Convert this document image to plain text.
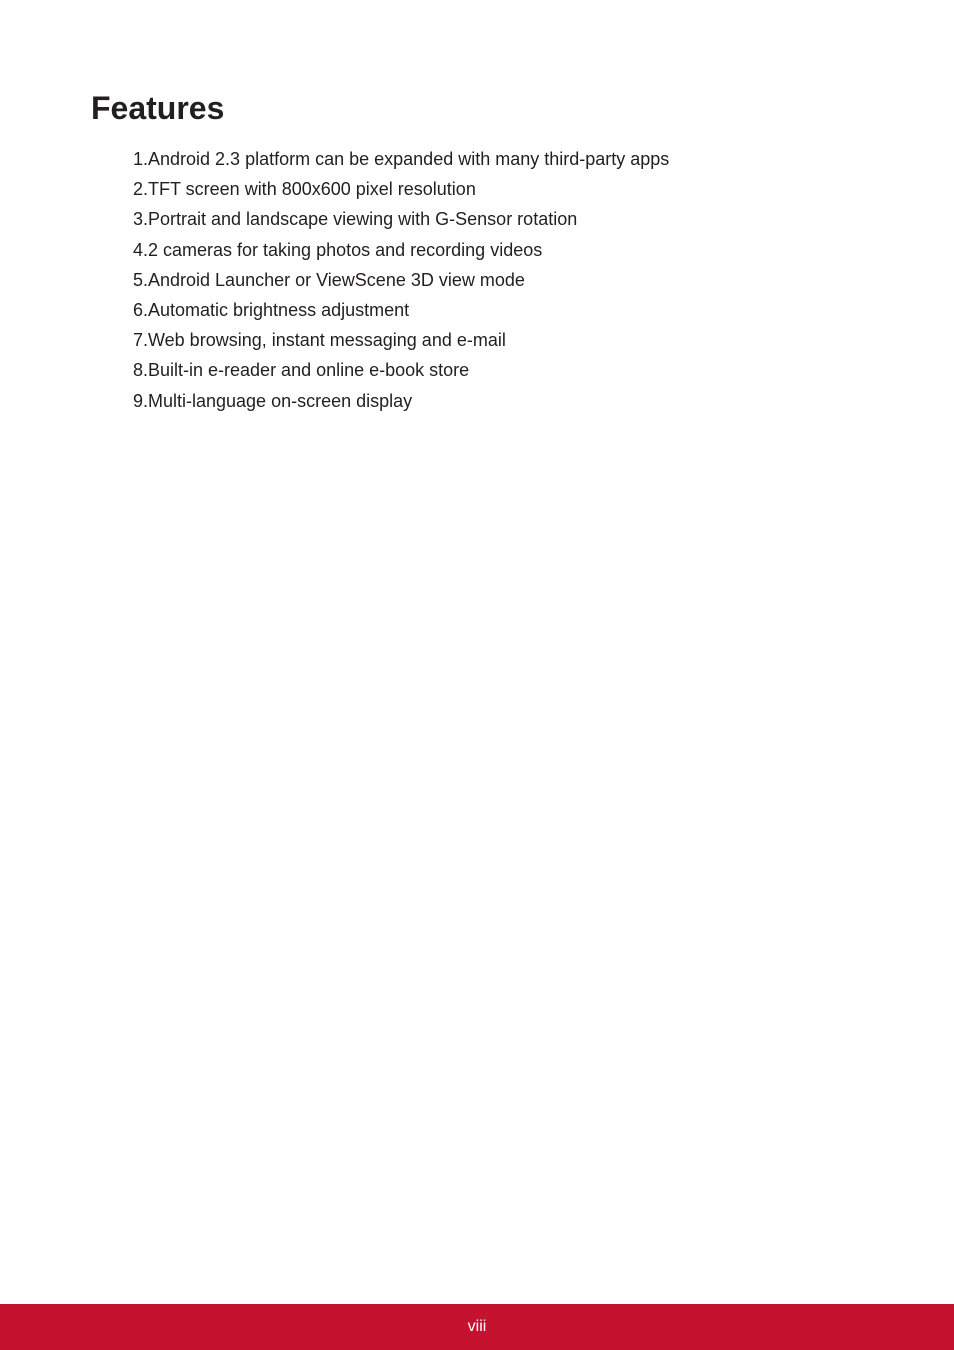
Features
1. Android 2.3 platform can be expanded with many third-party apps
2. TFT screen with 800x600 pixel resolution
3. Portrait and landscape viewing with G-Sensor rotation
4. 2 cameras for taking photos and recording videos
5. Android Launcher or ViewScene 3D view mode
6. Automatic brightness adjustment
7. Web browsing, instant messaging and e-mail
8. Built-in e-reader and online e-book store
9. Multi-language on-screen display
viii
